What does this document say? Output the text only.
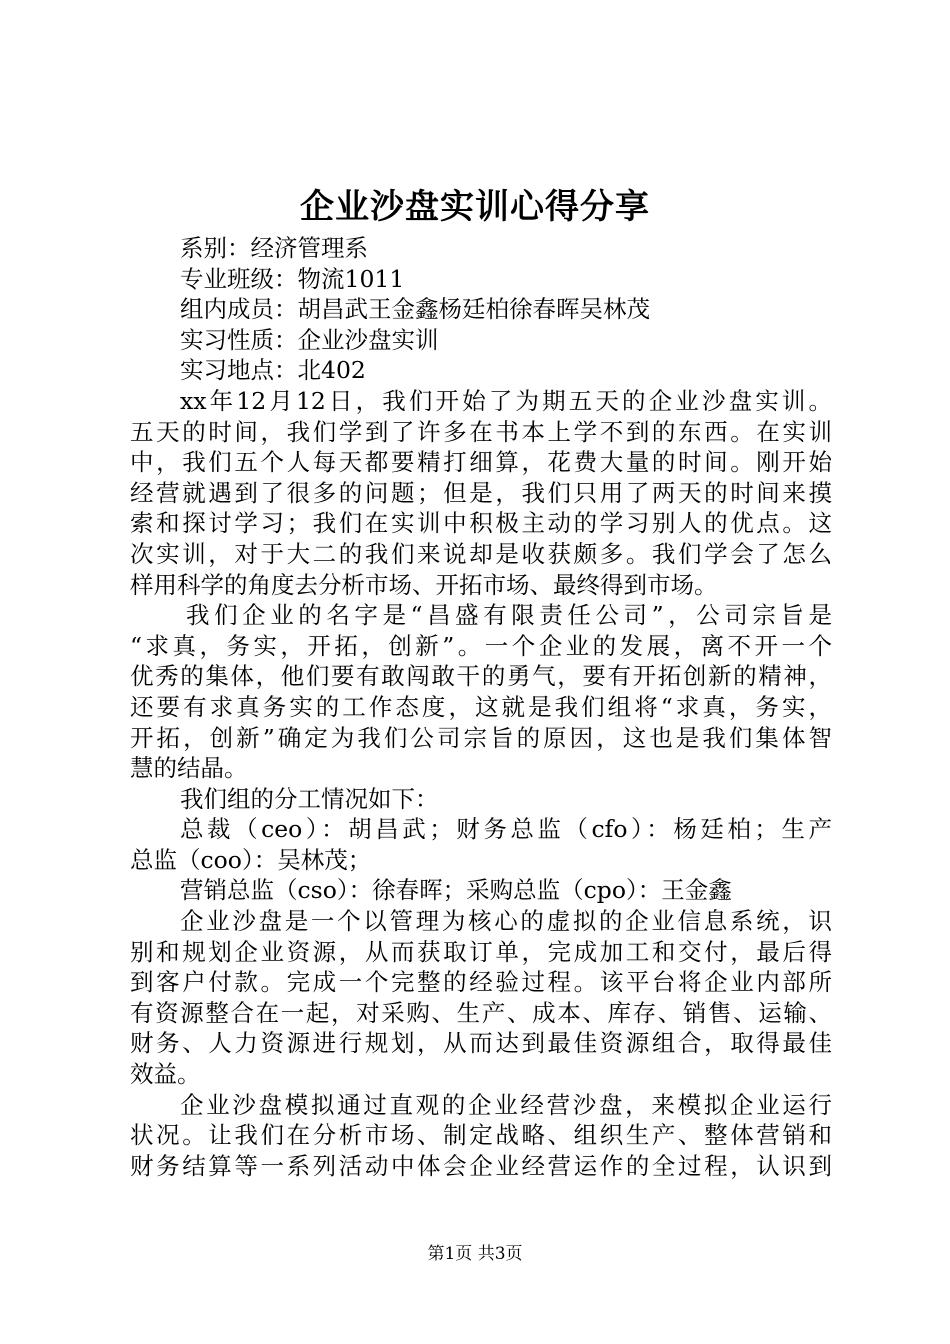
企业沙盘实训心得分享
系别：经济管理系
专业班级：物流1011
组内成员：胡昌武王金鑫杨廷柏徐春晖吴林茂
实习性质：企业沙盘实训
实习地点：北402
xx年12月12日，我们开始了为期五天的企业沙盘实训。
五天的时间，我们学到了许多在书本上学不到的东西。在实训
中，我们五个人每天都要精打细算，花费大量的时间。刚开始
经营就遇到了很多的问题；但是，我们只用了两天的时间来摸
索和探讨学习；我们在实训中积极主动的学习别人的优点。这
次实训，对于大二的我们来说却是收获颇多。我们学会了怎么
样用科学的角度去分析市场、开拓市场、最终得到市场。
我们企业的名字是“昌盛有限责任公司”，公司宗旨是
“求真，务实，开拓，创新”。一个企业的发展，离不开一个
优秀的集体，他们要有敢闯敢干的勇气，要有开拓创新的精神，
还要有求真务实的工作态度，这就是我们组将“求真，务实，
开拓，创新”确定为我们公司宗旨的原因，这也是我们集体智
慧的结晶。
我们组的分工情况如下：
总裁（ceo）：胡昌武；财务总监（cfo）：杨廷柏；生产
总监（coo）：吴林茂；
营销总监（cso）：徐春晖；采购总监（cpo）：王金鑫
企业沙盘是一个以管理为核心的虚拟的企业信息系统，识
别和规划企业资源，从而获取订单，完成加工和交付，最后得
到客户付款。完成一个完整的经验过程。该平台将企业内部所
有资源整合在一起，对采购、生产、成本、库存、销售、运输、
财务、人力资源进行规划，从而达到最佳资源组合，取得最佳
效益。
企业沙盘模拟通过直观的企业经营沙盘，来模拟企业运行
状况。让我们在分析市场、制定战略、组织生产、整体营销和
财务结算等一系列活动中体会企业经营运作的全过程，认识到
第1页 共3页
